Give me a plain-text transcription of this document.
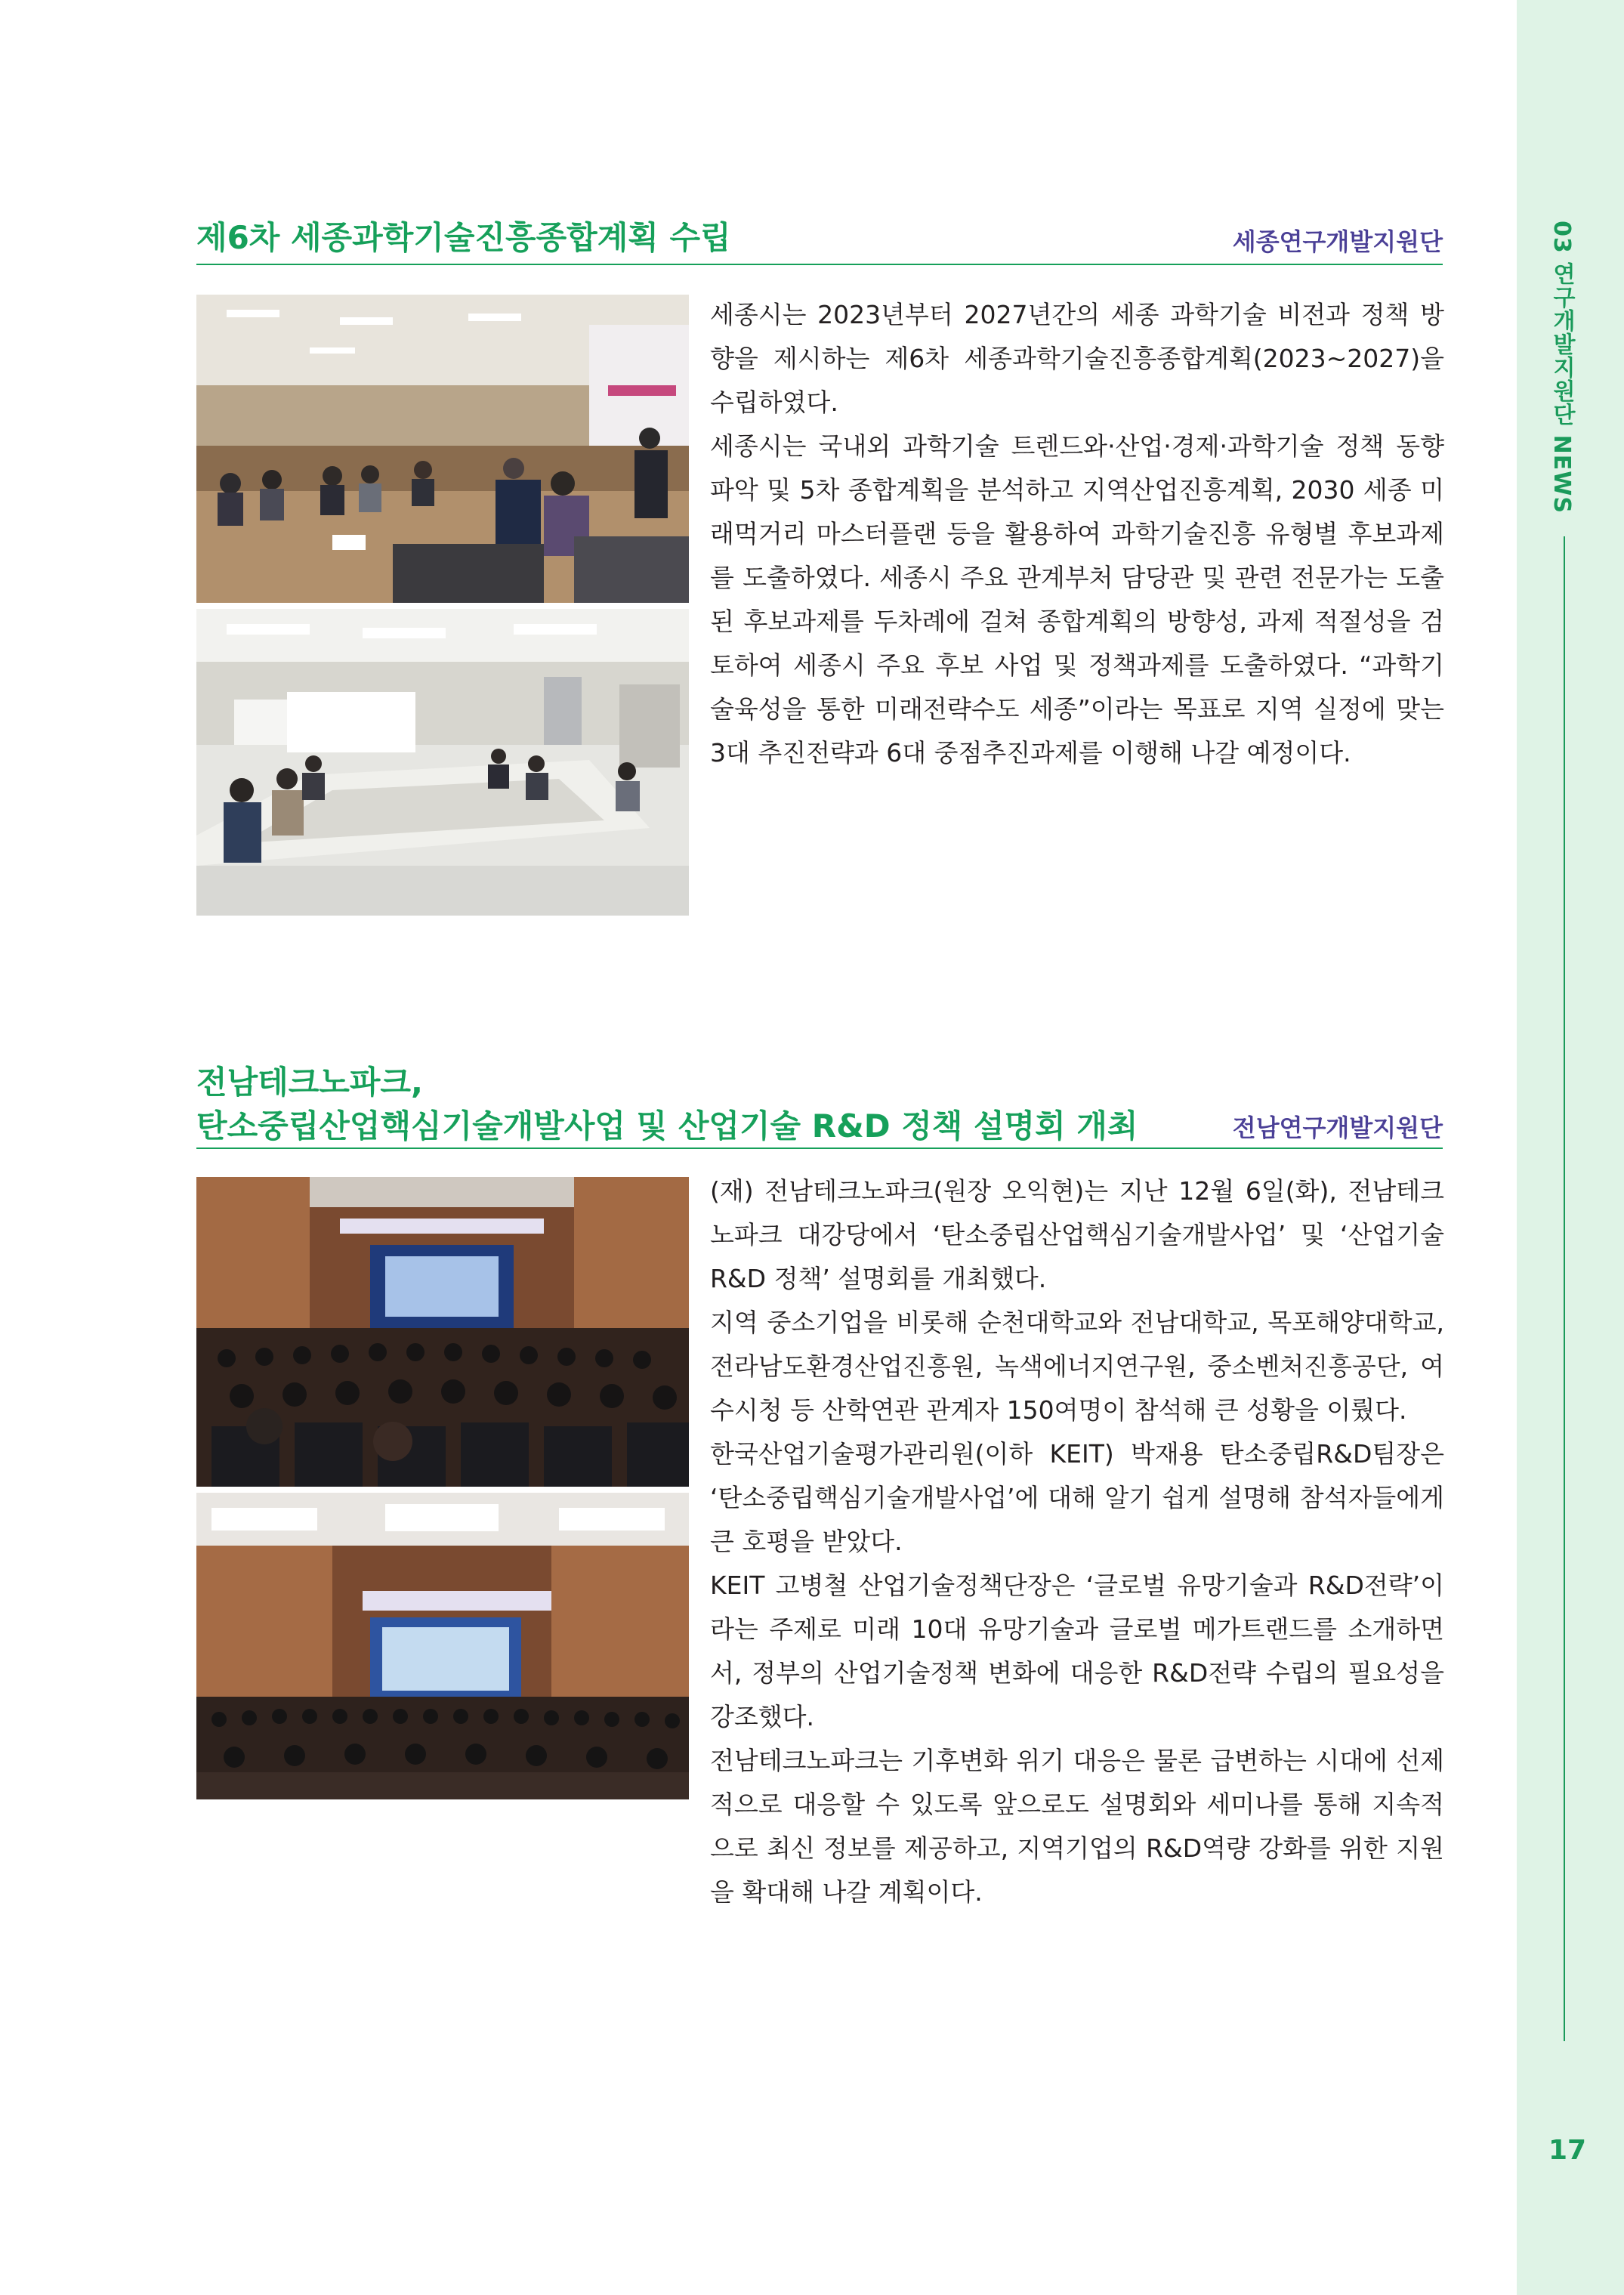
03 연구개발지원단 NEWS
17
제6차 세종과학기술진흥종합계획 수립	세종연구개발지원단

세종시는 2023년부터 2027년간의 세종 과학기술 비전과 정책 방향을 제시하는 제6차 세종과학기술진흥종합계획(2023~2027)을 수립하였다.

세종시는 국내외 과학기술 트렌드와·산업·경제·과학기술 정책 동향 파악 및 5차 종합계획을 분석하고 지역산업진흥계획, 2030 세종 미래먹거리 마스터플랜 등을 활용하여 과학기술진흥 유형별 후보과제를 도출하였다. 세종시 주요 관계부처 담당관 및 관련 전문가는 도출된 후보과제를 두차례에 걸쳐 종합계획의 방향성, 과제 적절성을 검토하여 세종시 주요 후보 사업 및 정책과제를 도출하였다. “과학기술육성을 통한 미래전략수도 세종”이라는 목표로 지역 실정에 맞는 3대 추진전략과 6대 중점추진과제를 이행해 나갈 예정이다.

전남테크노파크,
탄소중립산업핵심기술개발사업 및 산업기술 R&D 정책 설명회 개최	전남연구개발지원단

(재) 전남테크노파크(원장 오익현)는 지난 12월 6일(화), 전남테크노파크 대강당에서 ‘탄소중립산업핵심기술개발사업’ 및 ‘산업기술 R&D 정책’ 설명회를 개최했다.

지역 중소기업을 비롯해 순천대학교와 전남대학교, 목포해양대학교, 전라남도환경산업진흥원, 녹색에너지연구원, 중소벤처진흥공단, 여수시청 등 산학연관 관계자 150여명이 참석해 큰 성황을 이뤘다.

한국산업기술평가관리원(이하 KEIT) 박재용 탄소중립R&D팀장은 ‘탄소중립핵심기술개발사업’에 대해 알기 쉽게 설명해 참석자들에게 큰 호평을 받았다.

KEIT 고병철 산업기술정책단장은 ‘글로벌 유망기술과 R&D전략’이라는 주제로 미래 10대 유망기술과 글로벌 메가트랜드를 소개하면서, 정부의 산업기술정책 변화에 대응한 R&D전략 수립의 필요성을 강조했다.

전남테크노파크는 기후변화 위기 대응은 물론 급변하는 시대에 선제적으로 대응할 수 있도록 앞으로도 설명회와 세미나를 통해 지속적으로 최신 정보를 제공하고, 지역기업의 R&D역량 강화를 위한 지원을 확대해 나갈 계획이다.
